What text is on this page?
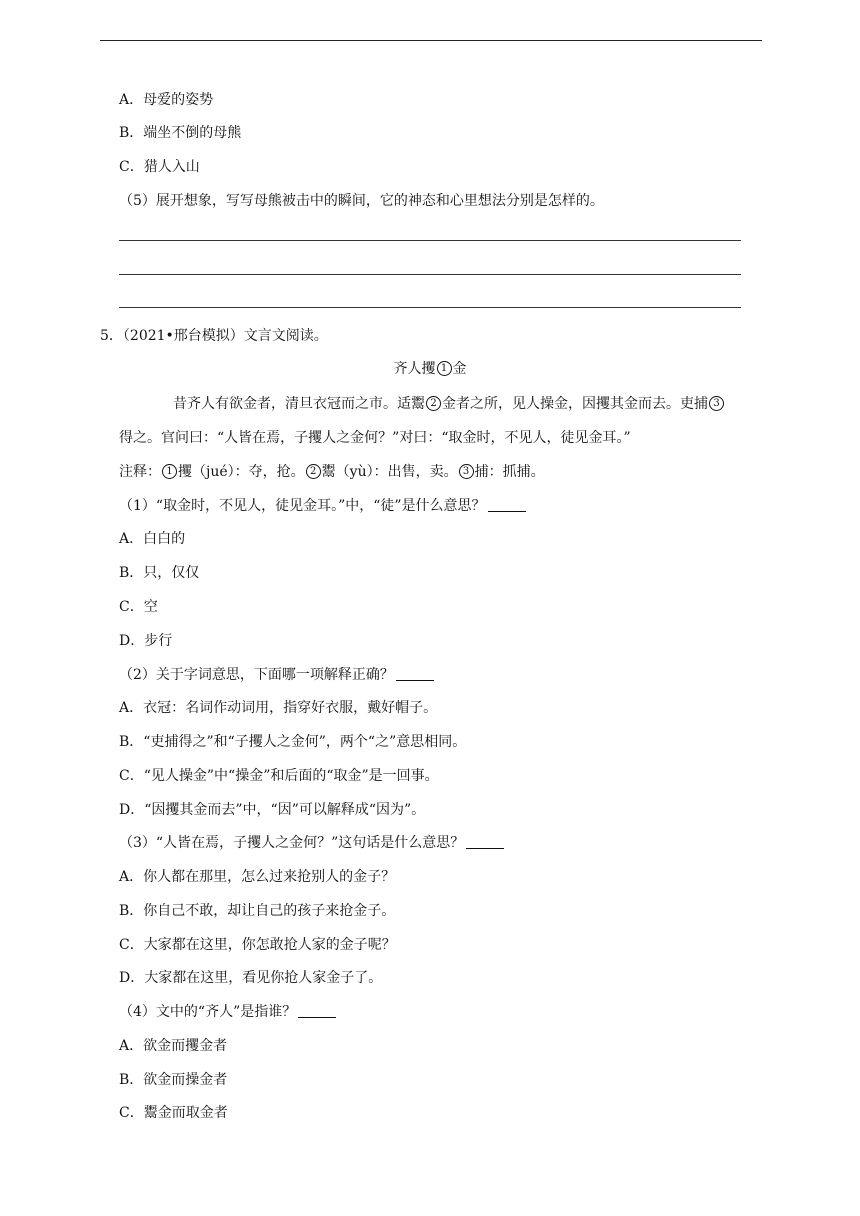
A．母爱的姿势
B．端坐不倒的母熊
C．猎人入山
（5）展开想象，写写母熊被击中的瞬间，它的神态和心里想法分别是怎样的。
5．（2021•邢台模拟）文言文阅读。
齐人攫 1 金
昔齐人有欲金者，清旦衣冠而之市。适鬻 2 金者之所，见人操金，因攫其金而去。吏捕 3
得之。官问曰：“人皆在焉，子攫人之金何？”对曰：“取金时，不见人，徒见金耳。”
注释： 1 攫（jué）：夺，抢。 2 鬻（yù）：出售，卖。 3 捕：抓捕。
（1）“取金时，不见人，徒见金耳。”中，“徒”是什么意思？
A．白白的
B．只，仅仅
C．空
D．步行
（2）关于字词意思，下面哪一项解释正确？
A．衣冠：名词作动词用，指穿好衣服，戴好帽子。
B．“吏捕得之”和“子攫人之金何”，两个“之”意思相同。
C．“见人操金”中“操金”和后面的“取金”是一回事。
D．“因攫其金而去”中，“因”可以解释成“因为”。
（3）“人皆在焉，子攫人之金何？”这句话是什么意思？
A．你人都在那里，怎么过来抢别人的金子？
B．你自己不敢，却让自己的孩子来抢金子。
C．大家都在这里，你怎敢抢人家的金子呢？
D．大家都在这里，看见你抢人家金子了。
（4）文中的“齐人”是指谁？
A．欲金而攫金者
B．欲金而操金者
C．鬻金而取金者
